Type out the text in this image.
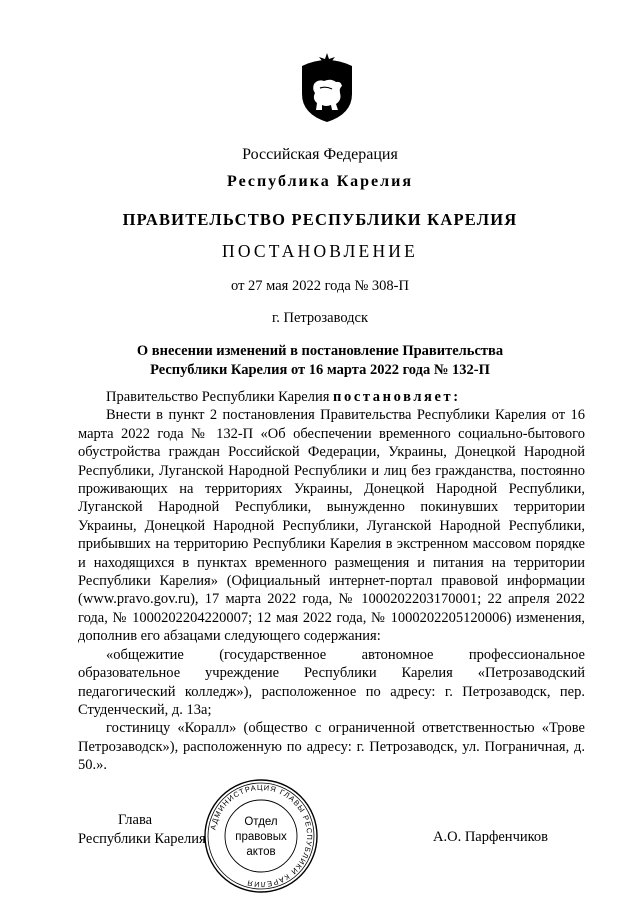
Российская Федерация
Республика Карелия
ПРАВИТЕЛЬСТВО РЕСПУБЛИКИ КАРЕЛИЯ
ПОСТАНОВЛЕНИЕ
от 27 мая 2022 года № 308-П
г. Петрозаводск
О внесении изменений в постановление Правительства
Республики Карелия от 16 марта 2022 года № 132-П

Правительство Республики Карелия постановляет:

Внести в пункт 2 постановления Правительства Республики Карелия от 16 марта 2022 года № 132-П «Об обеспечении временного социально-бытового обустройства граждан Российской Федерации, Украины, Донецкой Народной Республики, Луганской Народной Республики и лиц без гражданства, постоянно проживающих на территориях Украины, Донецкой Народной Республики, Луганской Народной Республики, вынужденно покинувших территории Украины, Донецкой Народной Республики, Луганской Народной Республики, прибывших на территорию Республики Карелия в экстренном массовом порядке и находящихся в пунктах временного размещения и питания на территории Республики Карелия» (Официальный интернет-портал правовой информации (www.pravo.gov.ru), 17 марта 2022 года, № 1000202203170001; 22 апреля 2022 года, № 1000202204220007; 12 мая 2022 года, № 1000202205120006) изменения, дополнив его абзацами следующего содержания:

«общежитие (государственное автономное профессиональное образовательное учреждение Республики Карелия «Петрозаводский педагогический колледж»), расположенное по адресу: г. Петрозаводск, пер. Студенческий, д. 13а;

гостиницу «Коралл» (общество с ограниченной ответственностью «Трове Петрозаводск»), расположенную по адресу: г. Петрозаводск, ул. Пограничная, д. 50.».

Глава
Республики Карелия	А.О. Парфенчиков
АДМИНИСТРАЦИЯ ГЛАВЫ РЕСПУБЛИКИ КАРЕЛИЯ
Отдел
правовых
актов
